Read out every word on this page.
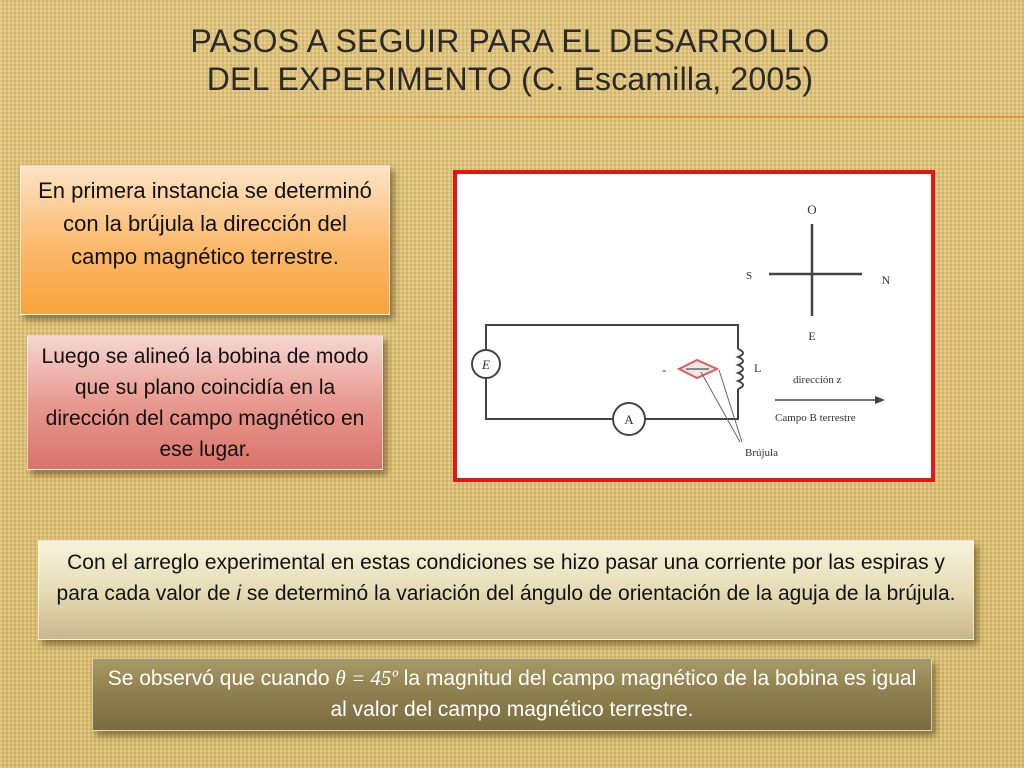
PASOS A SEGUIR PARA EL DESARROLLO
DEL EXPERIMENTO (C. Escamilla, 2005)
En primera instancia se determinó con la brújula la dirección del campo magnético terrestre.
Luego se alineó la bobina de modo que su plano coincidía en la dirección del campo magnético en ese lugar.
O
S	N
E
E
A
L
-
Brújula
dirección z
Campo B terrestre
Con el arreglo experimental en estas condiciones se hizo pasar una corriente por las espiras y para cada valor de i se determinó la variación del ángulo de orientación de la aguja de la brújula.
Se observó que cuando θ = 45º la magnitud del campo magnético de la bobina es igual al valor del campo magnético terrestre.
